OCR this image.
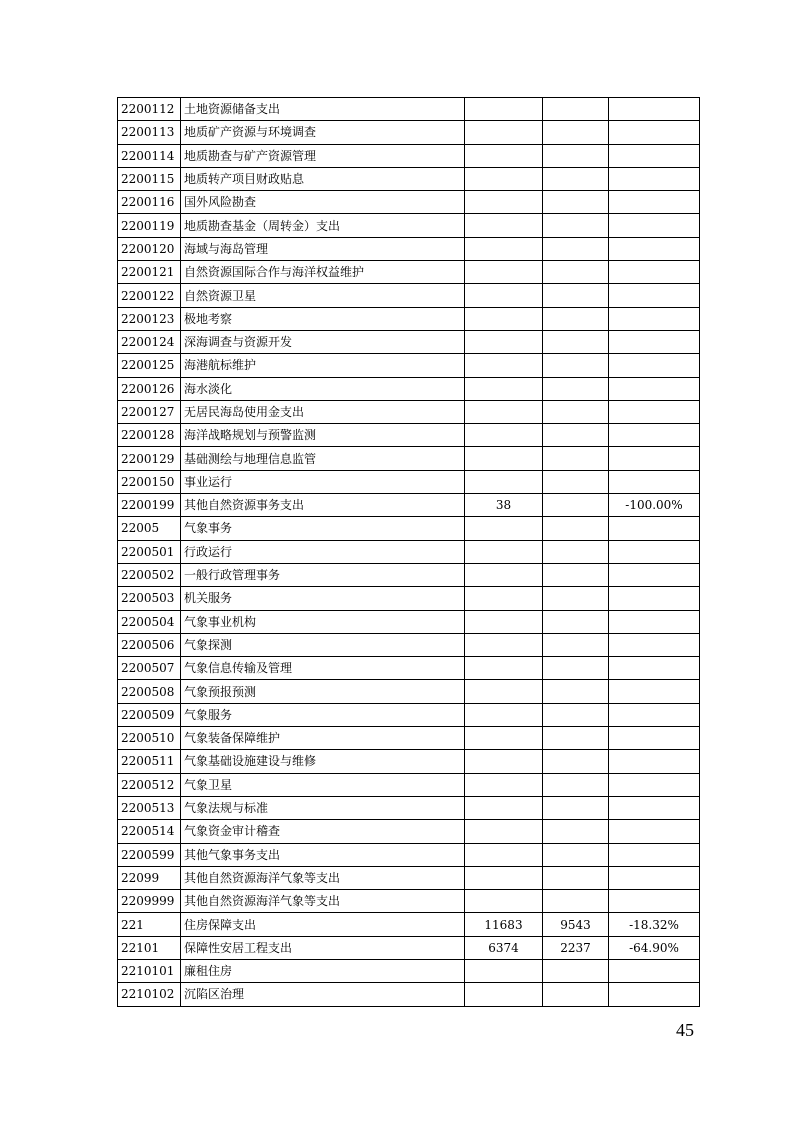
2200112	土地资源储备支出			
2200113	地质矿产资源与环境调查			
2200114	地质勘查与矿产资源管理			
2200115	地质转产项目财政贴息			
2200116	国外风险勘查			
2200119	地质勘查基金（周转金）支出			
2200120	海域与海岛管理			
2200121	自然资源国际合作与海洋权益维护			
2200122	自然资源卫星			
2200123	极地考察			
2200124	深海调查与资源开发			
2200125	海港航标维护			
2200126	海水淡化			
2200127	无居民海岛使用金支出			
2200128	海洋战略规划与预警监测			
2200129	基础测绘与地理信息监管			
2200150	事业运行			
2200199	其他自然资源事务支出	38		-100.00%
22005	气象事务			
2200501	行政运行			
2200502	一般行政管理事务			
2200503	机关服务			
2200504	气象事业机构			
2200506	气象探测			
2200507	气象信息传输及管理			
2200508	气象预报预测			
2200509	气象服务			
2200510	气象装备保障维护			
2200511	气象基础设施建设与维修			
2200512	气象卫星			
2200513	气象法规与标准			
2200514	气象资金审计稽查			
2200599	其他气象事务支出			
22099	其他自然资源海洋气象等支出			
2209999	其他自然资源海洋气象等支出			
221	住房保障支出	11683	9543	-18.32%
22101	保障性安居工程支出	6374	2237	-64.90%
2210101	廉租住房			
2210102	沉陷区治理			
45
